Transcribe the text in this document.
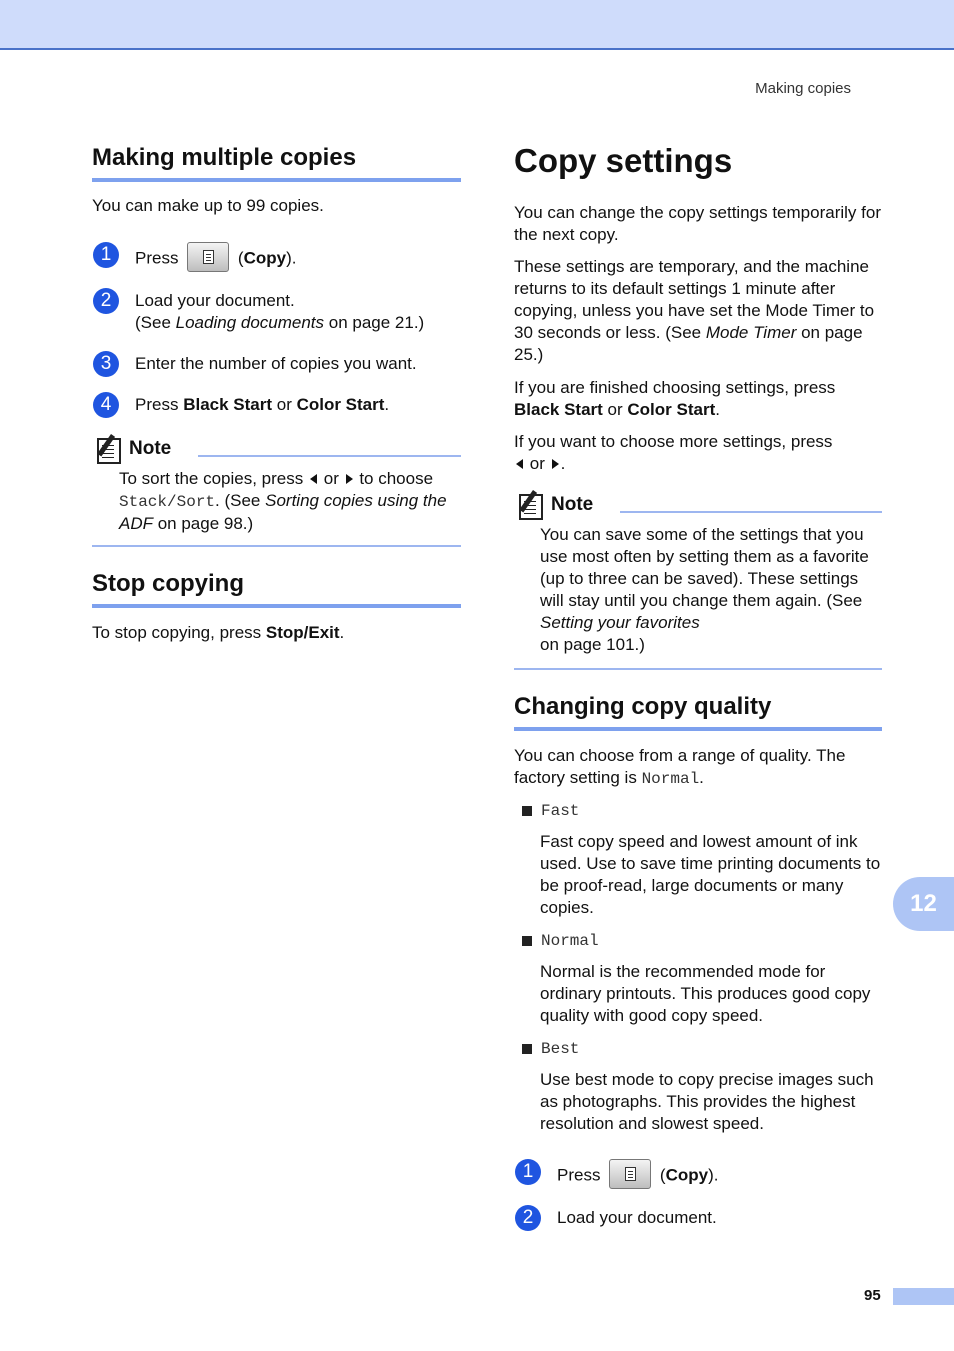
Making copies
Making multiple copies
You can make up to 99 copies.
1	Press	(Copy).
2	Load your document.
(See Loading documents on page 21.)
3	Enter the number of copies you want.
4	Press Black Start or Color Start.
Note
To sort the copies, press or to choose
Stack/Sort. (See Sorting copies using the ADF on page 98.)
Stop copying
To stop copying, press Stop/Exit.
Copy settings
You can change the copy settings temporarily for the next copy.
These settings are temporary, and the machine returns to its default settings 1 minute after copying, unless you have set the Mode Timer to 30 seconds or less. (See Mode Timer on page 25.)
If you are finished choosing settings, press Black Start or Color Start.
If you want to choose more settings, press
or .
Note
You can save some of the settings that you use most often by setting them as a favorite (up to three can be saved). These settings will stay until you change them again. (See Setting your favorites
on page 101.)
Changing copy quality
You can choose from a range of quality. The factory setting is Normal.
Fast
Fast copy speed and lowest amount of ink used. Use to save time printing documents to be proof-read, large documents or many copies.
Normal
Normal is the recommended mode for ordinary printouts. This produces good copy quality with good copy speed.
Best
Use best mode to copy precise images such as photographs. This provides the highest resolution and slowest speed.
1	Press	(Copy).
2	Load your document.
12
95
